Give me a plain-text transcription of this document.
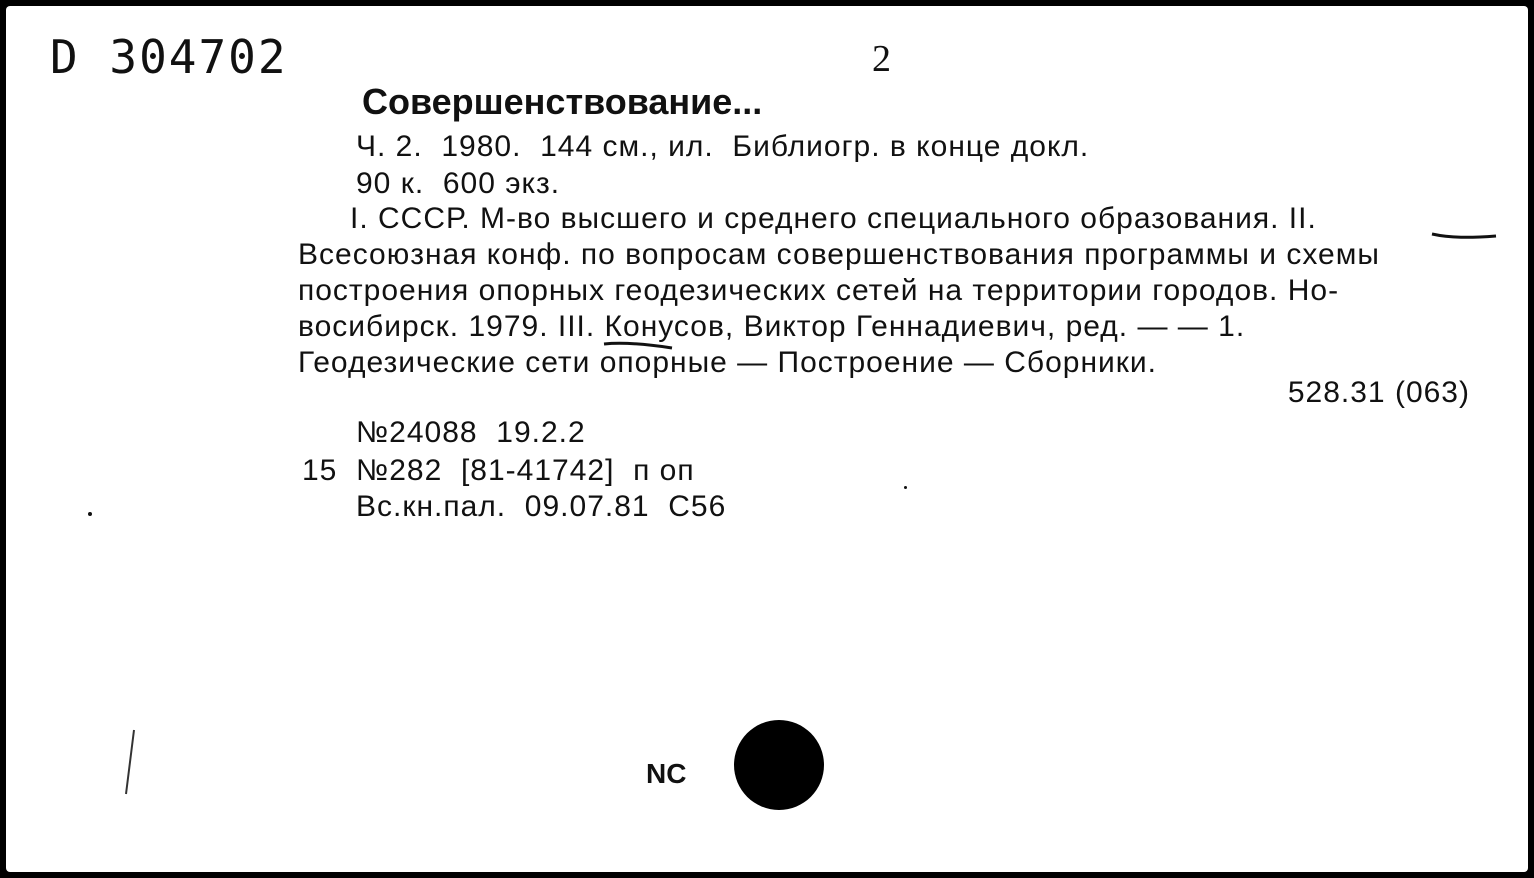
D 304702	2
Совершенствование...
Ч. 2.  1980.  144 см., ил.  Библиогр. в конце докл.
90 к.  600 экз.
I. СССР. М-во высшего и среднего специального образования. II.
Всесоюзная конф. по вопросам совершенствования программы и схемы
построения опорных геодезических сетей на территории городов. Но-
восибирск. 1979. III. Конусов, Виктор Геннадиевич, ред. — — 1.
Геодезические сети опорные — Построение — Сборники.
528.31 (063)
№24088  19.2.2
15  №282  [81-41742]  п оп
Вс.кн.пал.  09.07.81  С56
NC
